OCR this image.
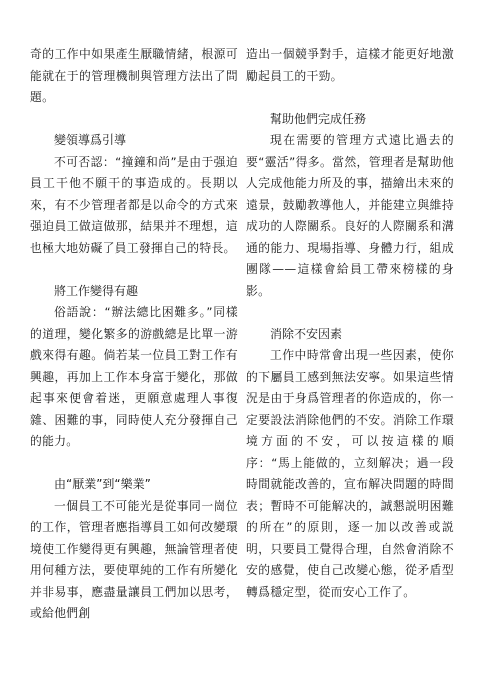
奇的工作中如果產生厭職情緒，根源可能就在于的管理機制與管理方法出了問題。

變領導爲引導

不可否認：“撞鐘和尚”是由于强迫員工干他不願干的事造成的。長期以來，有不少管理者都是以命令的方式來强迫員工做這做那，結果并不理想，這也極大地妨礙了員工發揮自己的特長。

將工作變得有趣

俗語說：“辦法總比困難多。”同樣的道理，變化繁多的游戲總是比單一游戲來得有趣。倘若某一位員工對工作有興趣，再加上工作本身富于變化，那做起事來便會着迷，更願意處理人事復雜、困難的事，同時使人充分發揮自己的能力。

由“厭業”到“樂業”

一個員工不可能光是從事同一崗位的工作，管理者應指導員工如何改變環境使工作變得更有興趣，無論管理者使用何種方法，要使單純的工作有所變化并非易事，應盡量讓員工們加以思考，或給他們創

造出一個競爭對手，這樣才能更好地激勵起員工的干勁。

幫助他們完成任務

現在需要的管理方式遠比過去的要“靈活”得多。當然，管理者是幫助他人完成他能力所及的事，描繪出未來的遠景，鼓勵教導他人，并能建立與維持成功的人際關系。良好的人際關系和溝通的能力、現場指導、身體力行，組成團隊——這樣會給員工帶來榜樣的身影。

消除不安因素

工作中時常會出現一些因素，使你的下屬員工感到無法安寧。如果這些情況是由于身爲管理者的你造成的，你一定要設法消除他們的不安。消除工作環境方面的不安，可以按這樣的順序：“馬上能做的，立刻解决；過一段時間就能改善的，宣布解决問題的時間表；暫時不可能解决的，誠懇説明困難的所在”的原則，逐一加以改善或説明，只要員工覺得合理，自然會消除不安的感覺，使自己改變心態，從矛盾型轉爲穩定型，從而安心工作了。
